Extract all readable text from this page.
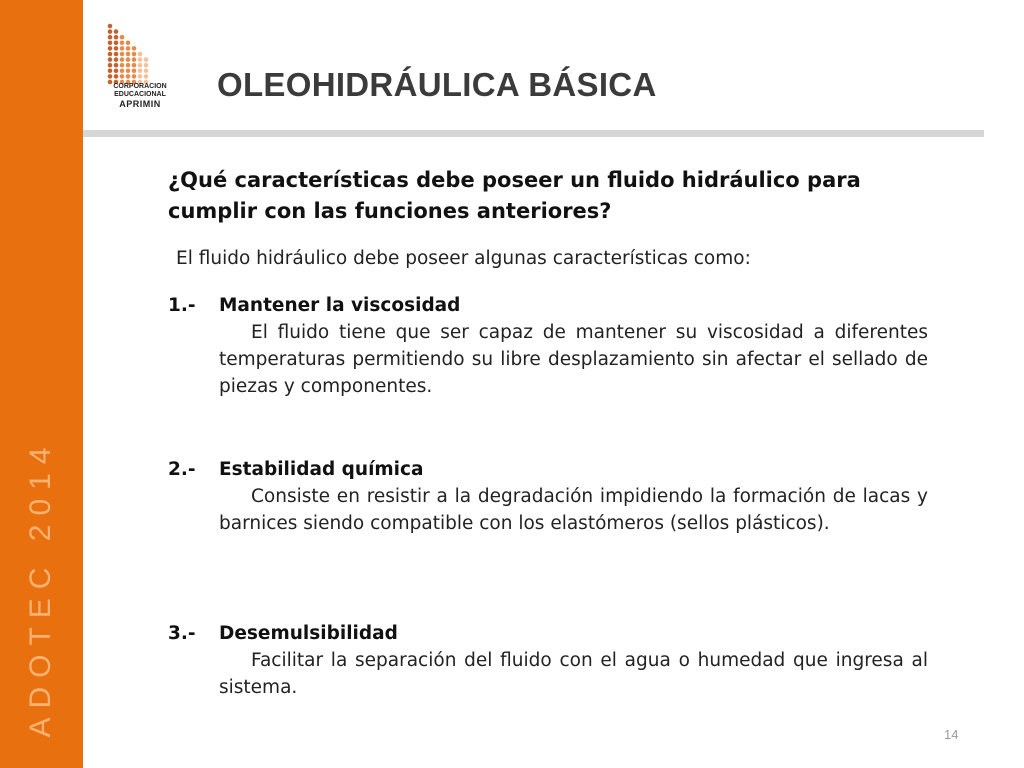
ADOTEC 2014
CORPORACION
EDUCACIONAL
APRIMIN
OLEOHIDRÁULICA BÁSICA

¿Qué características debe poseer un fluido hidráulico para cumplir con las funciones anteriores?

El fluido hidráulico debe poseer algunas características como:

1.- Mantener la viscosidad

El fluido tiene que ser capaz de mantener su viscosidad a diferentes temperaturas permitiendo su libre desplazamiento sin afectar el sellado de piezas y componentes.

2.- Estabilidad química

Consiste en resistir a la degradación impidiendo la formación de lacas y barnices siendo compatible con los elastómeros (sellos plásticos).

3.- Desemulsibilidad

Facilitar la separación del fluido con el agua o humedad que ingresa al sistema.

14
